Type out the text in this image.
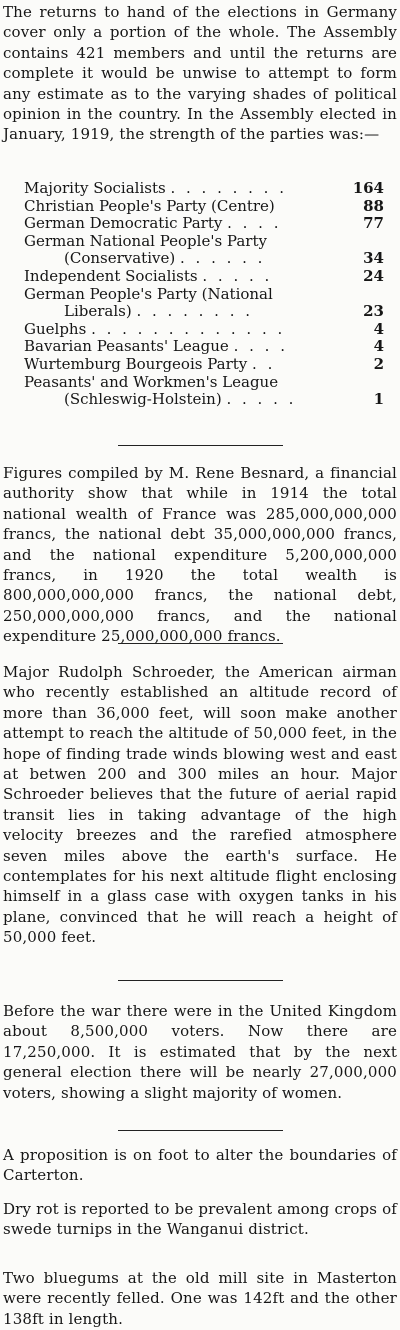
The returns to hand of the elections in Germany cover only a portion of the whole. The Assembly contains 421 members and until the returns are complete it would be unwise to attempt to form any estimate as to the varying shades of political opinion in the country. In the Assembly elected in January, 1919, the strength of the parties was:—

Majority Socialists . . . . . . . .	164
Christian People's Party (Centre)	88
German Democratic Party . . . .	77
German National People's Party
(Conservative) . . . . . .	34
Independent Socialists . . . . .	24
German People's Party (National
Liberals) . . . . . . . .	23
Guelphs . . . . . . . . . . . . .	4
Bavarian Peasants' League . . . .	4
Wurtemburg Bourgeois Party . .	2
Peasants' and Workmen's League
(Schleswig-Holstein) . . . . .	1

Figures compiled by M. Rene Besnard, a financial authority show that while in 1914 the total national wealth of France was 285,000,000,000 francs, the national debt 35,000,000,000 francs, and the national expenditure 5,200,000,000 francs, in 1920 the total wealth is 800,000,000,000 francs, the national debt, 250,000,000,000 francs, and the national expenditure 25,000,000,000 francs.

Major Rudolph Schroeder, the American airman who recently established an altitude record of more than 36,000 feet, will soon make another attempt to reach the altitude of 50,000 feet, in the hope of finding trade winds blowing west and east at betwen 200 and 300 miles an hour. Major Schroeder believes that the future of aerial rapid transit lies in taking advantage of the high velocity breezes and the rarefied atmosphere seven miles above the earth's surface. He contemplates for his next altitude flight enclosing himself in a glass case with oxygen tanks in his plane, convinced that he will reach a height of 50,000 feet.

Before the war there were in the United Kingdom about 8,500,000 voters. Now there are 17,250,000. It is estimated that by the next general election there will be nearly 27,000,000 voters, showing a slight majority of women.

A proposition is on foot to alter the boundaries of Carterton.

Dry rot is reported to be prevalent among crops of swede turnips in the Wanganui district.

Two bluegums at the old mill site in Masterton were recently felled. One was 142ft and the other 138ft in length.
